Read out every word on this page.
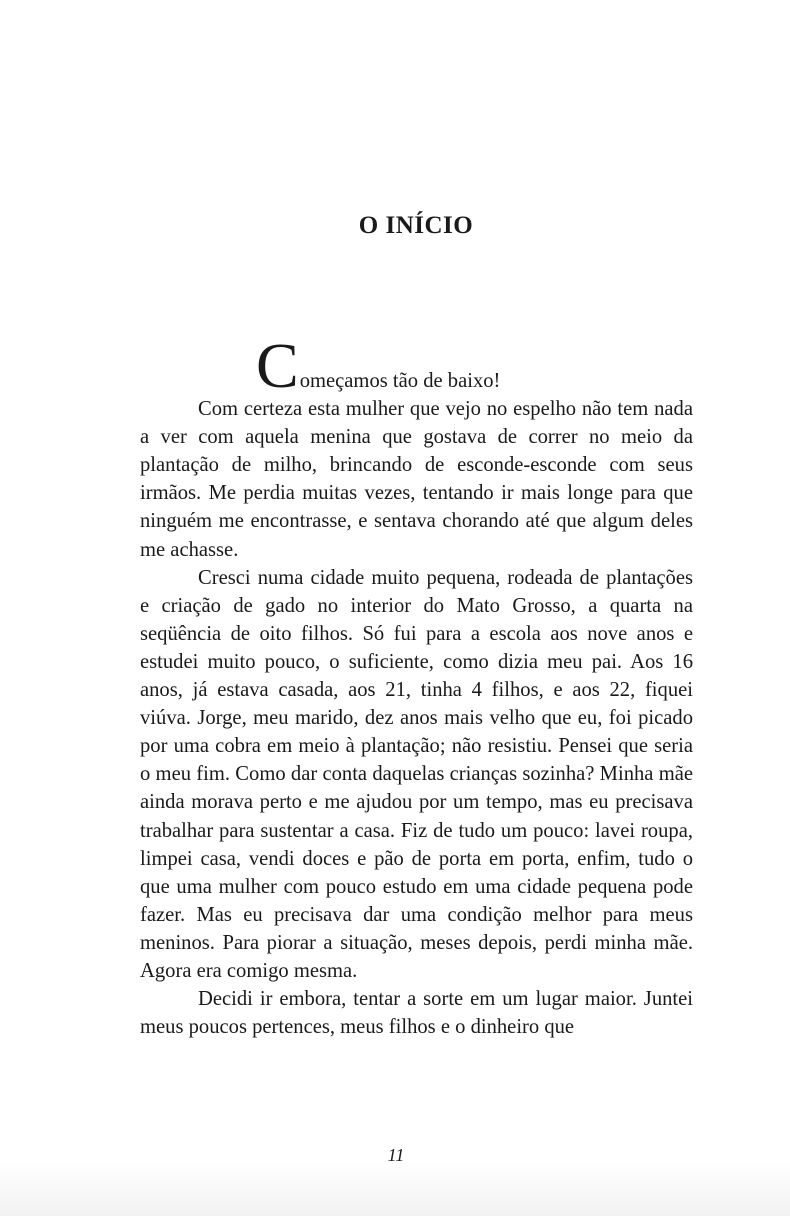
O INÍCIO

Começamos tão de baixo!

Com certeza esta mulher que vejo no espelho não tem nada a ver com aquela menina que gostava de correr no meio da plantação de milho, brincando de esconde-esconde com seus irmãos. Me perdia muitas vezes, tentando ir mais longe para que ninguém me encontrasse, e sentava chorando até que algum deles me achasse.

Cresci numa cidade muito pequena, rodeada de plantações e criação de gado no interior do Mato Grosso, a quarta na seqüência de oito filhos. Só fui para a escola aos nove anos e estudei muito pouco, o suficiente, como dizia meu pai. Aos 16 anos, já estava casada, aos 21, tinha 4 filhos, e aos 22, fiquei viúva. Jorge, meu marido, dez anos mais velho que eu, foi picado por uma cobra em meio à plantação; não resistiu. Pensei que seria o meu fim. Como dar conta daquelas crianças sozinha? Minha mãe ainda morava perto e me ajudou por um tempo, mas eu precisava trabalhar para sustentar a casa. Fiz de tudo um pouco: lavei roupa, limpei casa, vendi doces e pão de porta em porta, enfim, tudo o que uma mulher com pouco estudo em uma cidade pequena pode fazer. Mas eu precisava dar uma condição melhor para meus meninos. Para piorar a situação, meses depois, perdi minha mãe. Agora era comigo mesma.

Decidi ir embora, tentar a sorte em um lugar maior. Juntei meus poucos pertences, meus filhos e o dinheiro que

11
